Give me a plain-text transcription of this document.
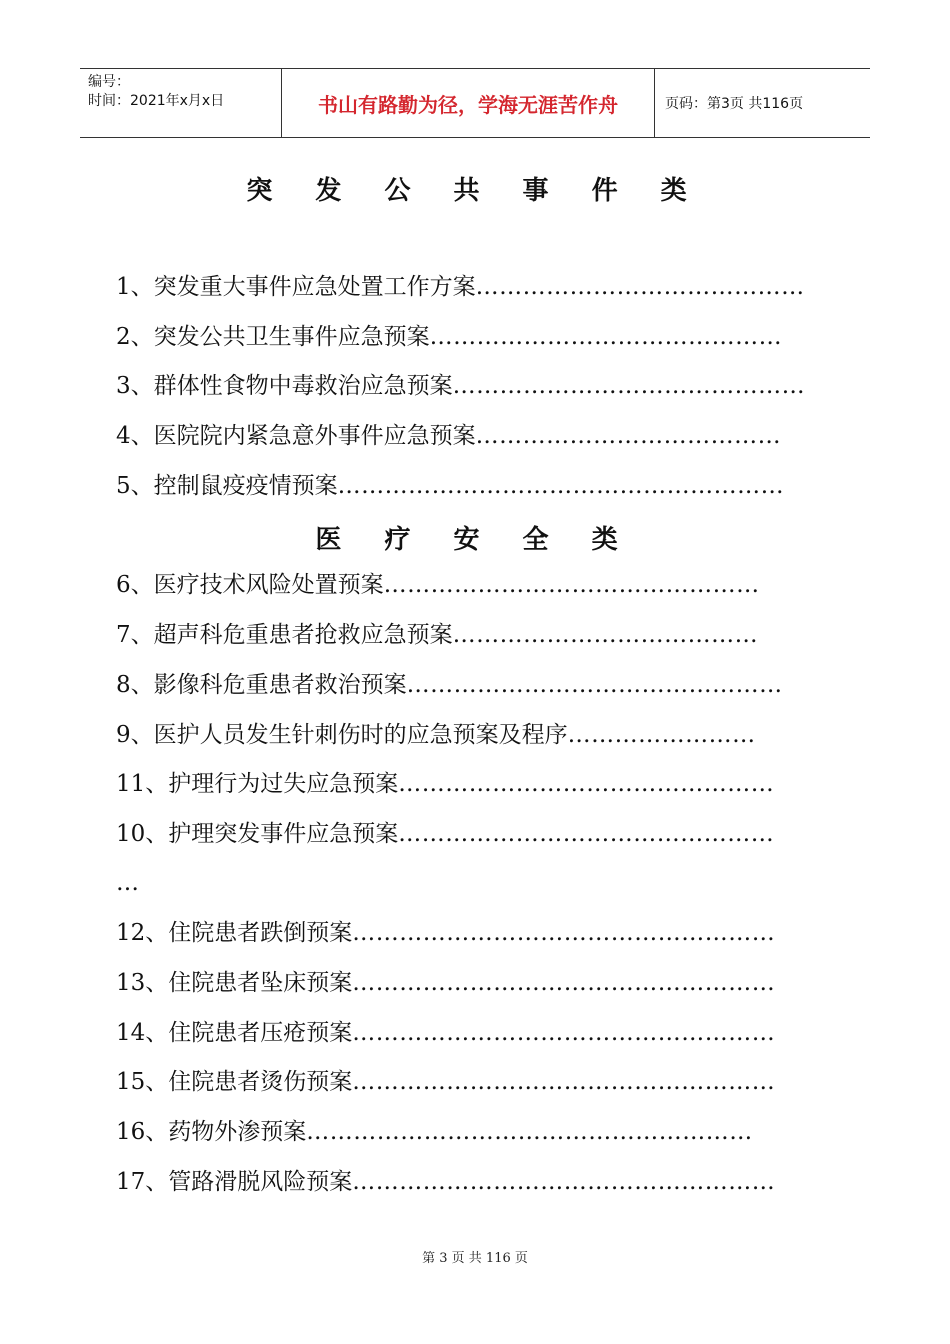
编号：
时间：2021年x月x日	书山有路勤为径，学海无涯苦作舟	页码：第3页 共116页
突 发 公 共 事 件 类
1、突发重大事件应急处置工作方案……………………………………
2、突发公共卫生事件应急预案………………………………………
3、群体性食物中毒救治应急预案………………………………………
4、医院院内紧急意外事件应急预案…………………………………
5、控制鼠疫疫情预案…………………………………………………
医 疗 安 全 类
6、医疗技术风险处置预案…………………………………………
7、超声科危重患者抢救应急预案…………………………………
8、影像科危重患者救治预案…………………………………………
9、医护人员发生针刺伤时的应急预案及程序……………………
11、护理行为过失应急预案…………………………………………
10、护理突发事件应急预案…………………………………………
…
12、住院患者跌倒预案………………………………………………
13、住院患者坠床预案………………………………………………
14、住院患者压疮预案………………………………………………
15、住院患者烫伤预案………………………………………………
16、药物外渗预案…………………………………………………
17、管路滑脱风险预案………………………………………………
第 3 页 共 116 页
